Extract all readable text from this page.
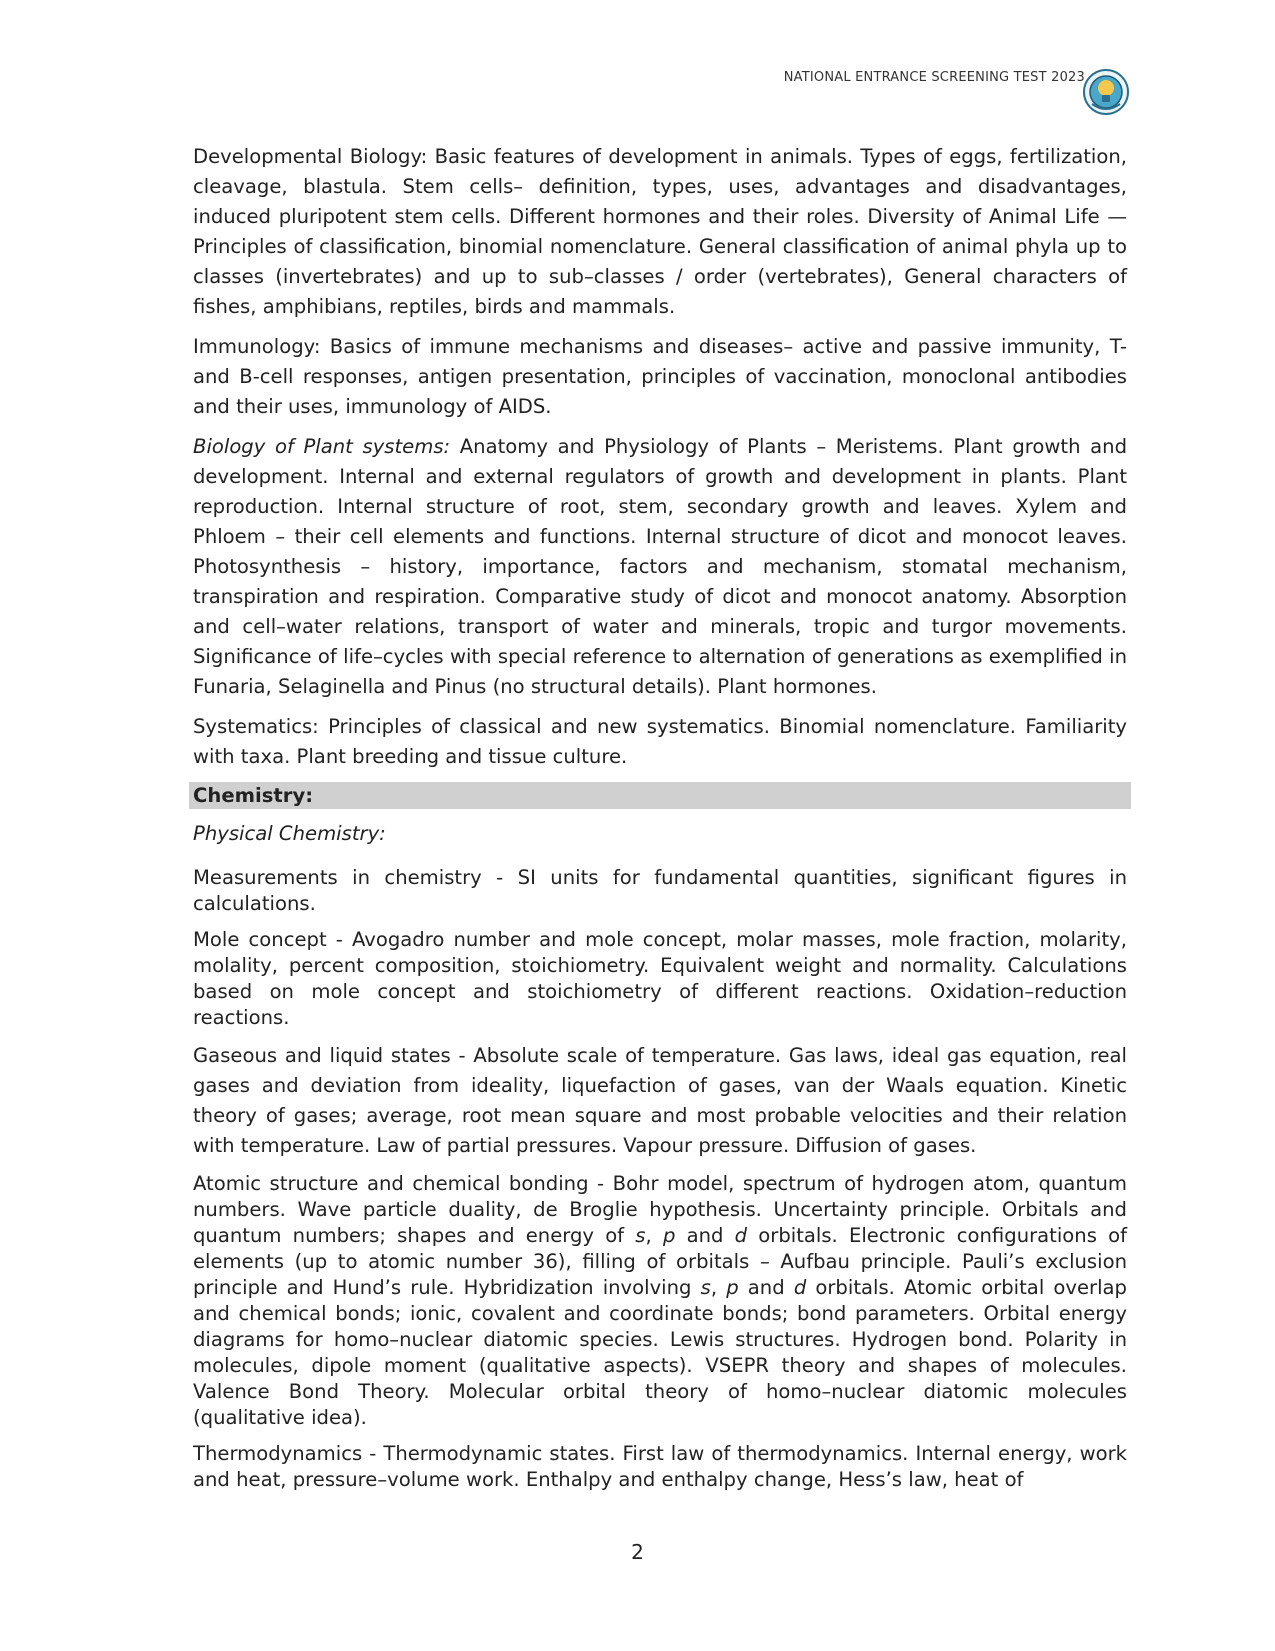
NATIONAL ENTRANCE SCREENING TEST 2023

Developmental Biology: Basic features of development in animals. Types of eggs, fertilization, cleavage, blastula. Stem cells– definition, types, uses, advantages and disadvantages, induced pluripotent stem cells. Different hormones and their roles. Diversity of Animal Life — Principles of classification, binomial nomenclature. General classification of animal phyla up to classes (invertebrates) and up to sub–classes / order (vertebrates), General characters of fishes, amphibians, reptiles, birds and mammals.

Immunology: Basics of immune mechanisms and diseases– active and passive immunity, T- and B-cell responses, antigen presentation, principles of vaccination, monoclonal antibodies and their uses, immunology of AIDS.

Biology of Plant systems: Anatomy and Physiology of Plants – Meristems. Plant growth and development. Internal and external regulators of growth and development in plants. Plant reproduction. Internal structure of root, stem, secondary growth and leaves. Xylem and Phloem – their cell elements and functions. Internal structure of dicot and monocot leaves. Photosynthesis – history, importance, factors and mechanism, stomatal mechanism, transpiration and respiration. Comparative study of dicot and monocot anatomy. Absorption and cell–water relations, transport of water and minerals, tropic and turgor movements. Significance of life–cycles with special reference to alternation of generations as exemplified in Funaria, Selaginella and Pinus (no structural details). Plant hormones.

Systematics: Principles of classical and new systematics. Binomial nomenclature. Familiarity with taxa. Plant breeding and tissue culture.

Chemistry:
Physical Chemistry:

Measurements in chemistry - SI units for fundamental quantities, significant figures in calculations.

Mole concept - Avogadro number and mole concept, molar masses, mole fraction, molarity, molality, percent composition, stoichiometry. Equivalent weight and normality. Calculations based on mole concept and stoichiometry of different reactions. Oxidation–reduction reactions.

Gaseous and liquid states - Absolute scale of temperature. Gas laws, ideal gas equation, real gases and deviation from ideality, liquefaction of gases, van der Waals equation. Kinetic theory of gases; average, root mean square and most probable velocities and their relation with temperature. Law of partial pressures. Vapour pressure. Diffusion of gases.

Atomic structure and chemical bonding - Bohr model, spectrum of hydrogen atom, quantum numbers. Wave particle duality, de Broglie hypothesis. Uncertainty principle. Orbitals and quantum numbers; shapes and energy of s, p and d orbitals. Electronic configurations of elements (up to atomic number 36), filling of orbitals – Aufbau principle. Pauli’s exclusion principle and Hund’s rule. Hybridization involving s, p and d orbitals. Atomic orbital overlap and chemical bonds; ionic, covalent and coordinate bonds; bond parameters. Orbital energy diagrams for homo–nuclear diatomic species. Lewis structures. Hydrogen bond. Polarity in molecules, dipole moment (qualitative aspects). VSEPR theory and shapes of molecules. Valence Bond Theory. Molecular orbital theory of homo–nuclear diatomic molecules (qualitative idea).

Thermodynamics - Thermodynamic states. First law of thermodynamics. Internal energy, work and heat, pressure–volume work. Enthalpy and enthalpy change, Hess’s law, heat of

2
